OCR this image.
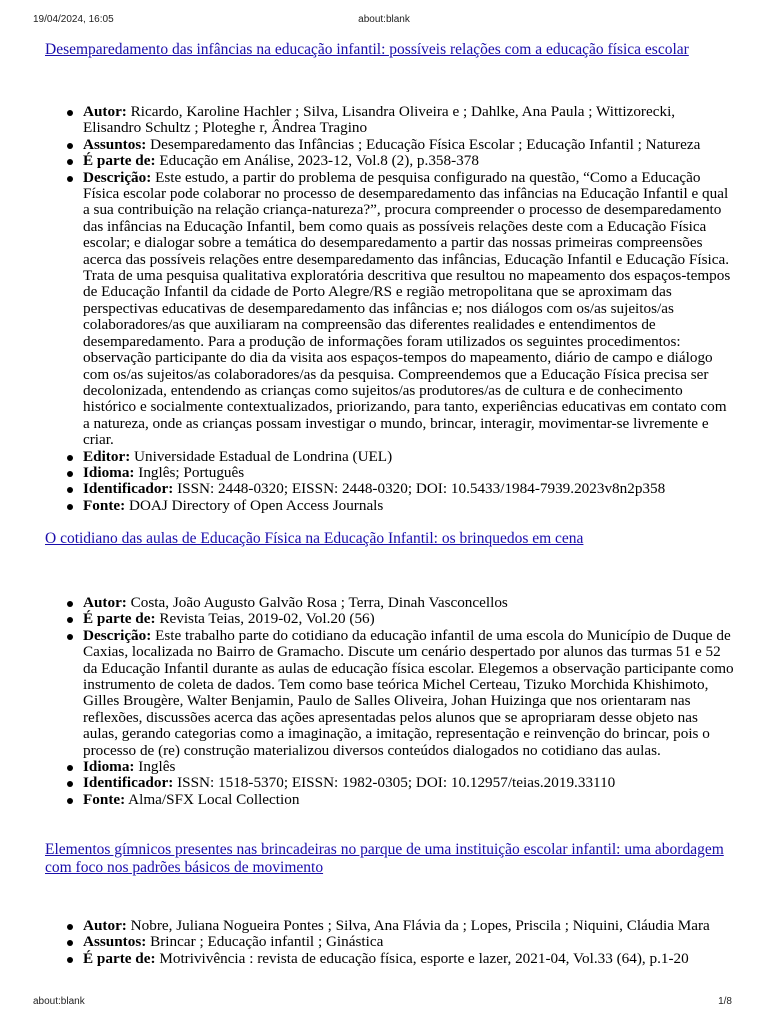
19/04/2024, 16:05	about:blank
Desemparedamento das infâncias na educação infantil: possíveis relações com a educação física escolar
Autor: Ricardo, Karoline Hachler ; Silva, Lisandra Oliveira e ; Dahlke, Ana Paula ; Wittizorecki, Elisandro Schultz ; Ploteghe r, Ândrea Tragino
Assuntos: Desemparedamento das Infâncias ; Educação Física Escolar ; Educação Infantil ; Natureza
É parte de: Educação em Análise, 2023-12, Vol.8 (2), p.358-378
Descrição: Este estudo, a partir do problema de pesquisa configurado na questão, “Como a Educação Física escolar pode colaborar no processo de desemparedamento das infâncias na Educação Infantil e qual a sua contribuição na relação criança-natureza?”, procura compreender o processo de desemparedamento das infâncias na Educação Infantil, bem como quais as possíveis relações deste com a Educação Física escolar; e dialogar sobre a temática do desemparedamento a partir das nossas primeiras compreensões acerca das possíveis relações entre desemparedamento das infâncias, Educação Infantil e Educação Física. Trata de uma pesquisa qualitativa exploratória descritiva que resultou no mapeamento dos espaços-tempos de Educação Infantil da cidade de Porto Alegre/RS e região metropolitana que se aproximam das perspectivas educativas de desemparedamento das infâncias e; nos diálogos com os/as sujeitos/as colaboradores/as que auxiliaram na compreensão das diferentes realidades e entendimentos de desemparedamento. Para a produção de informações foram utilizados os seguintes procedimentos: observação participante do dia da visita aos espaços-tempos do mapeamento, diário de campo e diálogo com os/as sujeitos/as colaboradores/as da pesquisa. Compreendemos que a Educação Física precisa ser decolonizada, entendendo as crianças como sujeitos/as produtores/as de cultura e de conhecimento histórico e socialmente contextualizados, priorizando, para tanto, experiências educativas em contato com a natureza, onde as crianças possam investigar o mundo, brincar, interagir, movimentar-se livremente e criar.
Editor: Universidade Estadual de Londrina (UEL)
Idioma: Inglês; Português
Identificador: ISSN: 2448-0320; EISSN: 2448-0320; DOI: 10.5433/1984-7939.2023v8n2p358
Fonte: DOAJ Directory of Open Access Journals
O cotidiano das aulas de Educação Física na Educação Infantil: os brinquedos em cena
Autor: Costa, João Augusto Galvão Rosa ; Terra, Dinah Vasconcellos
É parte de: Revista Teias, 2019-02, Vol.20 (56)
Descrição: Este trabalho parte do cotidiano da educação infantil de uma escola do Município de Duque de Caxias, localizada no Bairro de Gramacho. Discute um cenário despertado por alunos das turmas 51 e 52 da Educação Infantil durante as aulas de educação física escolar. Elegemos a observação participante como instrumento de coleta de dados. Tem como base teórica Michel Certeau, Tizuko Morchida Khishimoto, Gilles Brougère, Walter Benjamin, Paulo de Salles Oliveira, Johan Huizinga que nos orientaram nas reflexões, discussões acerca das ações apresentadas pelos alunos que se apropriaram desse objeto nas aulas, gerando categorias como a imaginação, a imitação, representação e reinvenção do brincar, pois o processo de (re) construção materializou diversos conteúdos dialogados no cotidiano das aulas.
Idioma: Inglês
Identificador: ISSN: 1518-5370; EISSN: 1982-0305; DOI: 10.12957/teias.2019.33110
Fonte: Alma/SFX Local Collection
Elementos gímnicos presentes nas brincadeiras no parque de uma instituição escolar infantil: uma abordagem com foco nos padrões básicos de movimento
Autor: Nobre, Juliana Nogueira Pontes ; Silva, Ana Flávia da ; Lopes, Priscila ; Niquini, Cláudia Mara
Assuntos: Brincar ; Educação infantil ; Ginástica
É parte de: Motrivivência : revista de educação física, esporte e lazer, 2021-04, Vol.33 (64), p.1-20
about:blank	1/8
